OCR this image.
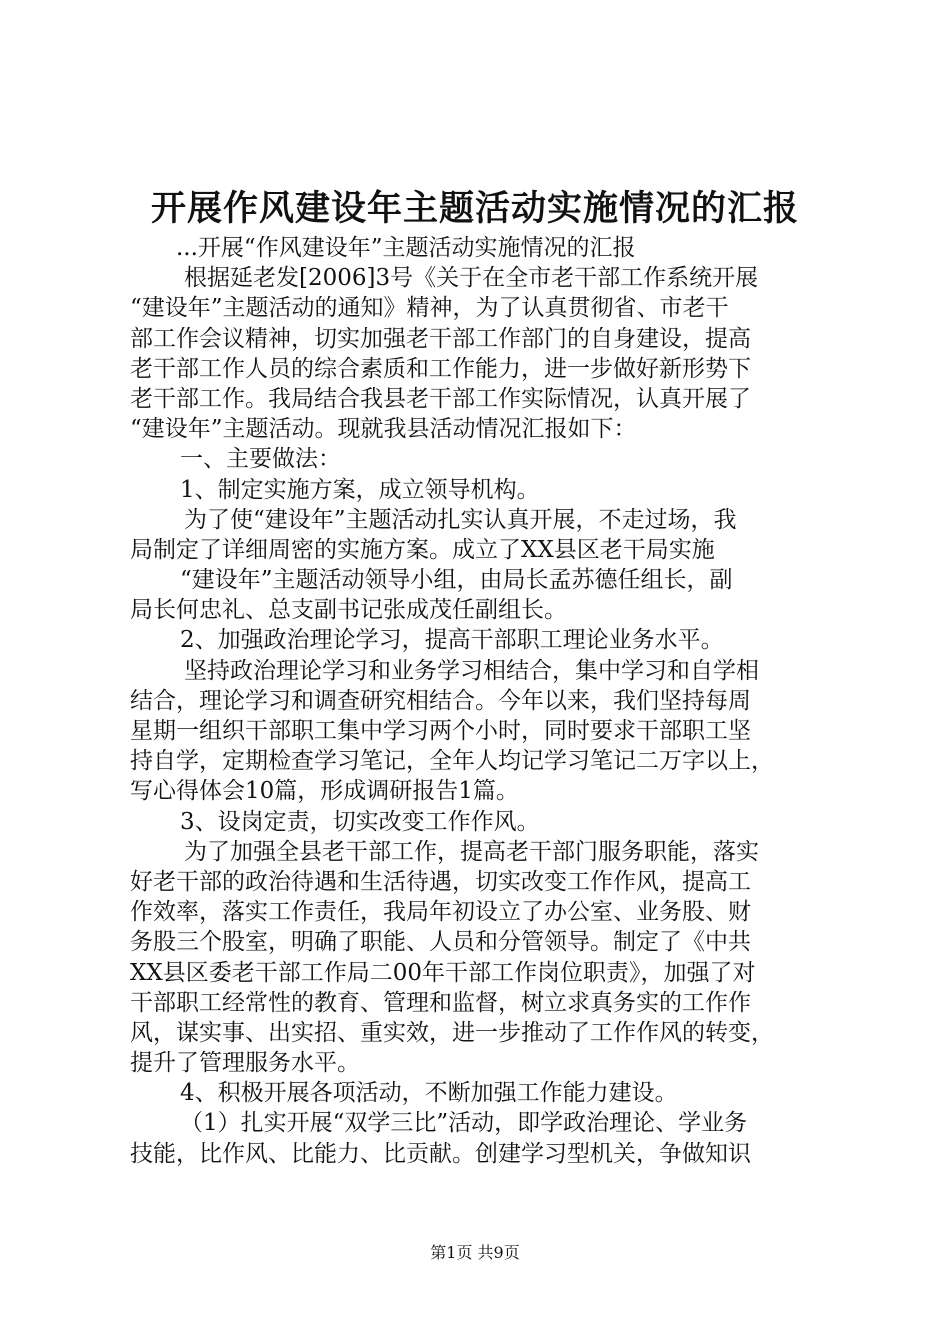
开展作风建设年主题活动实施情况的汇报
...开展“作风建设年”主题活动实施情况的汇报
根据延老发[2006]3号《关于在全市老干部工作系统开展
“建设年”主题活动的通知》精神，为了认真贯彻省、市老干
部工作会议精神，切实加强老干部工作部门的自身建设，提高
老干部工作人员的综合素质和工作能力，进一步做好新形势下
老干部工作。我局结合我县老干部工作实际情况，认真开展了
“建设年”主题活动。现就我县活动情况汇报如下：
一、主要做法：
1、制定实施方案，成立领导机构。
为了使“建设年”主题活动扎实认真开展，不走过场，我
局制定了详细周密的实施方案。成立了XX县区老干局实施
“建设年”主题活动领导小组，由局长孟苏德任组长，副
局长何忠礼、总支副书记张成茂任副组长。
2、加强政治理论学习，提高干部职工理论业务水平。
坚持政治理论学习和业务学习相结合，集中学习和自学相
结合，理论学习和调查研究相结合。今年以来，我们坚持每周
星期一组织干部职工集中学习两个小时，同时要求干部职工坚
持自学，定期检查学习笔记，全年人均记学习笔记二万字以上，
写心得体会10篇，形成调研报告1篇。
3、设岗定责，切实改变工作作风。
为了加强全县老干部工作，提高老干部门服务职能，落实
好老干部的政治待遇和生活待遇，切实改变工作作风，提高工
作效率，落实工作责任，我局年初设立了办公室、业务股、财
务股三个股室，明确了职能、人员和分管领导。制定了《中共
XX县区委老干部工作局二00年干部工作岗位职责》，加强了对
干部职工经常性的教育、管理和监督，树立求真务实的工作作
风，谋实事、出实招、重实效，进一步推动了工作作风的转变，
提升了管理服务水平。
4、积极开展各项活动，不断加强工作能力建设。
（1）扎实开展“双学三比”活动，即学政治理论、学业务
技能，比作风、比能力、比贡献。创建学习型机关，争做知识
第1页 共9页
